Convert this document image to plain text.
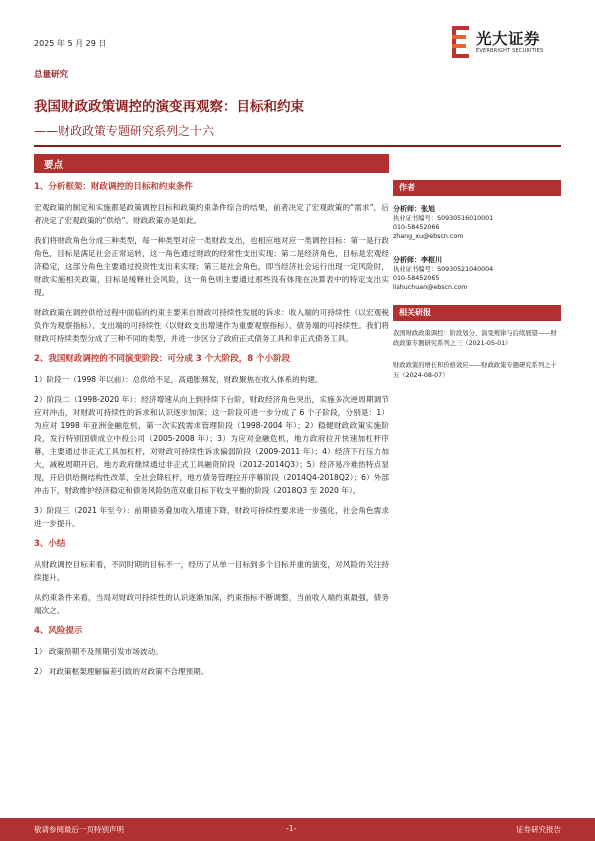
2025 年 5 月 29 日	光大证券
EVERBRIGHT SECURITIES
总量研究
我国财政政策调控的演变再观察：目标和约束
——财政政策专题研究系列之十六
要点
1、分析框架：财政调控的目标和约束条件
宏观政策的制定和实施都是政策调控目标和政策约束条件综合的结果，前者决定了宏观政策的“需求”，后者决定了宏观政策的“供给”。财政政策亦是如此。
我们将财政角色分成三种类型，每一种类型对应一类财政支出，也相应地对应一类调控目标：第一是行政角色，目标是满足社会正常运转，这一角色通过财政的经常性支出实现；第二是经济角色，目标是宏观经济稳定，这部分角色主要通过投资性支出来实现；第三是社会角色，即当经济社会运行出现一定风险时，财政实施相关政策，目标是缓释社会风险，这一角色则主要通过那些没有体现在决算表中的特定支出实现。
财政政策在调控供给过程中面临的约束主要来自财政可持续性发展的诉求：收入端的可持续性（以宏观税负作为观察指标）、支出端的可持续性（以财政支出增速作为重要观察指标）、债务端的可持续性。我们将财政可持续类型分成了三种不同的类型，并进一步区分了政府正式债务工具和非正式债务工具。
2、我国财政调控的不同演变阶段：可分成 3 个大阶段，8 个小阶段
1）阶段一（1998 年以前）：总供给不足，高通胀频发，财政聚焦在收入体系的构建。
2）阶段二（1998-2020 年）：经济增速从向上到持续下台阶，财政经济角色突出，实施多次逆周期调节应对冲击，对财政可持续性的诉求和认识逐步加深；这一阶段可进一步分成了 6 个子阶段，分别是：1）为应对 1998 年亚洲金融危机，第一次实践需求管理阶段（1998-2004 年）；2）稳健财政政策实施阶段，发行特别国债成立中投公司（2005-2008 年）；3）为应对金融危机，地方政府拉开快速加杠杆序幕，主要通过非正式工具加杠杆，对财政可持续性诉求偏弱阶段（2009-2011 年）；4）经济下行压力加大，减税周期开启，地方政府继续通过非正式工具融资阶段（2012-2014Q3）；5）经济易冷难热特点显现，开启供给侧结构性改革，全社会降杠杆，地方债务管理拉开序幕阶段（2014Q4-2018Q2）；6）外部冲击下，财政维护经济稳定和债务风险防范双重目标下收支平衡的阶段（2018Q3 至 2020 年）。
3）阶段三（2021 年至今）：前期债务叠加收入增速下降，财政可持续性要求进一步强化，社会角色需求进一步提升。
3、小结
从财政调控目标来看，不同时期的目标不一，经历了从单一目标到多个目标并重的演变，对风险的关注持续提升。
从约束条件来看，当局对财政可持续性的认识逐渐加深，约束指标不断调整，当前收入端约束最强，债务端次之。
4、风险提示
1） 政策预期不及预期引发市场波动。
2） 对政策框架理解偏差引致的对政策不合理预期。
作者
分析师：张旭
执业证书编号：S0930516010001
010-58452066
zhang_xu@ebscn.com
分析师：李枢川
执业证书编号：S0930521040004
010-58452065
lishuchuan@ebscn.com
相关研报
我国财政政策调控：阶段划分、演变规律与后续展望——财政政策专题研究系列之三（2021-05-01）
财政政策的增长和价格效应——财政政策专题研究系列之十五（2024-08-07）
敬请参阅最后一页特别声明	-1-	证券研究报告
